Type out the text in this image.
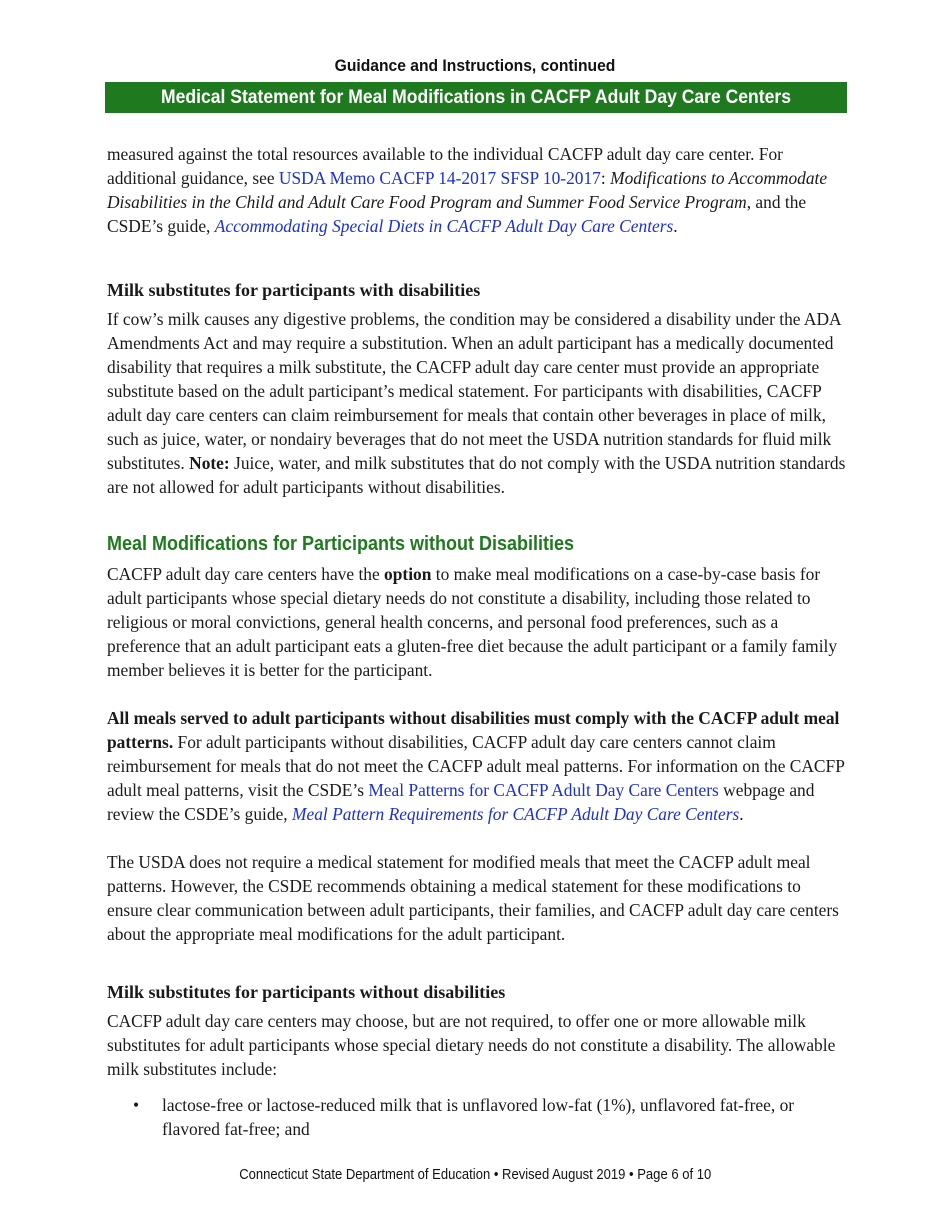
Guidance and Instructions, continued
Medical Statement for Meal Modifications in CACFP Adult Day Care Centers

measured against the total resources available to the individual CACFP adult day care center. For additional guidance, see USDA Memo CACFP 14-2017 SFSP 10-2017: Modifications to Accommodate Disabilities in the Child and Adult Care Food Program and Summer Food Service Program, and the CSDE’s guide, Accommodating Special Diets in CACFP Adult Day Care Centers.

Milk substitutes for participants with disabilities

If cow’s milk causes any digestive problems, the condition may be considered a disability under the ADA Amendments Act and may require a substitution. When an adult participant has a medically documented disability that requires a milk substitute, the CACFP adult day care center must provide an appropriate substitute based on the adult participant’s medical statement. For participants with disabilities, CACFP adult day care centers can claim reimbursement for meals that contain other beverages in place of milk, such as juice, water, or nondairy beverages that do not meet the USDA nutrition standards for fluid milk substitutes. Note: Juice, water, and milk substitutes that do not comply with the USDA nutrition standards are not allowed for adult participants without disabilities.

Meal Modifications for Participants without Disabilities

CACFP adult day care centers have the option to make meal modifications on a case-by-case basis for adult participants whose special dietary needs do not constitute a disability, including those related to religious or moral convictions, general health concerns, and personal food preferences, such as a preference that an adult participant eats a gluten-free diet because the adult participant or a family family member believes it is better for the participant.

All meals served to adult participants without disabilities must comply with the CACFP adult meal patterns. For adult participants without disabilities, CACFP adult day care centers cannot claim reimbursement for meals that do not meet the CACFP adult meal patterns. For information on the CACFP adult meal patterns, visit the CSDE’s Meal Patterns for CACFP Adult Day Care Centers webpage and review the CSDE’s guide, Meal Pattern Requirements for CACFP Adult Day Care Centers.

The USDA does not require a medical statement for modified meals that meet the CACFP adult meal patterns. However, the CSDE recommends obtaining a medical statement for these modifications to ensure clear communication between adult participants, their families, and CACFP adult day care centers about the appropriate meal modifications for the adult participant.

Milk substitutes for participants without disabilities

CACFP adult day care centers may choose, but are not required, to offer one or more allowable milk substitutes for adult participants whose special dietary needs do not constitute a disability. The allowable milk substitutes include:

• lactose-free or lactose-reduced milk that is unflavored low-fat (1%), unflavored fat-free, or flavored fat-free; and
Connecticut State Department of Education • Revised August 2019 • Page 6 of 10
